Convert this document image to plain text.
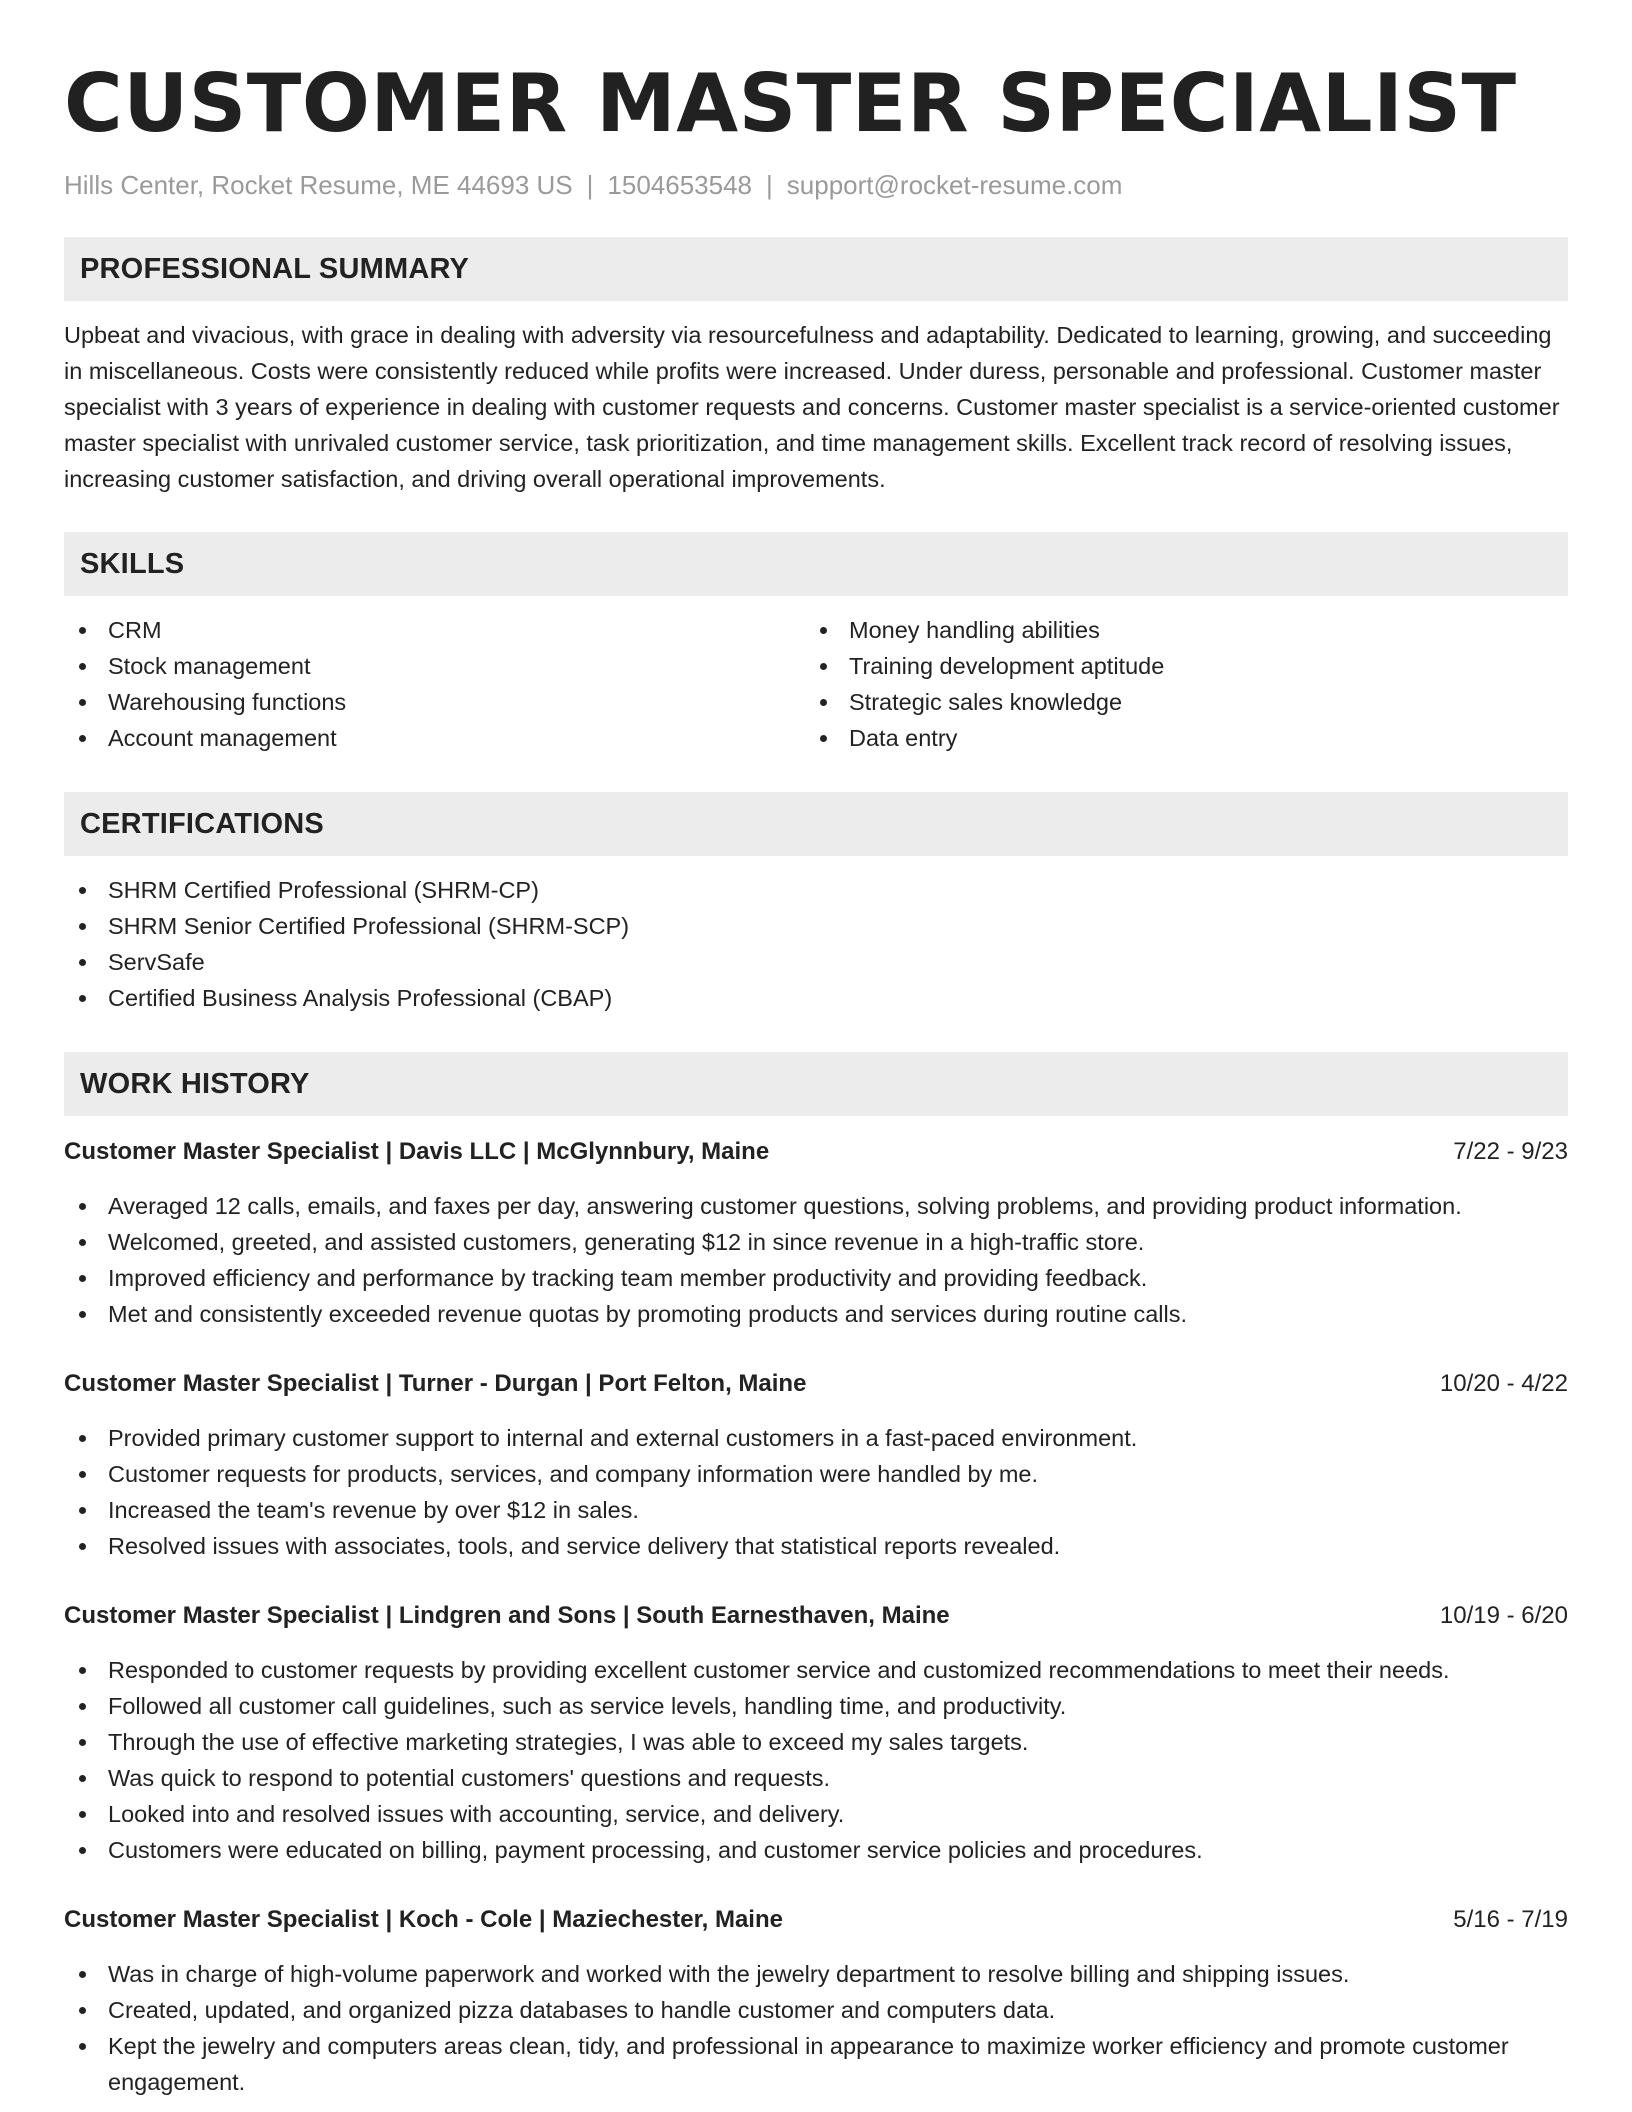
CUSTOMER MASTER SPECIALIST
Hills Center, Rocket Resume, ME 44693 US | 1504653548 | support@rocket-resume.com
PROFESSIONAL SUMMARY

Upbeat and vivacious, with grace in dealing with adversity via resourcefulness and adaptability. Dedicated to learning, growing, and succeeding in miscellaneous. Costs were consistently reduced while profits were increased. Under duress, personable and professional. Customer master specialist with 3 years of experience in dealing with customer requests and concerns. Customer master specialist is a service-oriented customer master specialist with unrivaled customer service, task prioritization, and time management skills. Excellent track record of resolving issues, increasing customer satisfaction, and driving overall operational improvements.

SKILLS
CRM
Stock management
Warehousing functions
Account management
Money handling abilities
Training development aptitude
Strategic sales knowledge
Data entry
CERTIFICATIONS
SHRM Certified Professional (SHRM-CP)
SHRM Senior Certified Professional (SHRM-SCP)
ServSafe
Certified Business Analysis Professional (CBAP)
WORK HISTORY
Customer Master Specialist | Davis LLC | McGlynnbury, Maine	7/22 - 9/23
Averaged 12 calls, emails, and faxes per day, answering customer questions, solving problems, and providing product information.
Welcomed, greeted, and assisted customers, generating $12 in since revenue in a high-traffic store.
Improved efficiency and performance by tracking team member productivity and providing feedback.
Met and consistently exceeded revenue quotas by promoting products and services during routine calls.
Customer Master Specialist | Turner - Durgan | Port Felton, Maine	10/20 - 4/22
Provided primary customer support to internal and external customers in a fast-paced environment.
Customer requests for products, services, and company information were handled by me.
Increased the team's revenue by over $12 in sales.
Resolved issues with associates, tools, and service delivery that statistical reports revealed.
Customer Master Specialist | Lindgren and Sons | South Earnesthaven, Maine	10/19 - 6/20
Responded to customer requests by providing excellent customer service and customized recommendations to meet their needs.
Followed all customer call guidelines, such as service levels, handling time, and productivity.
Through the use of effective marketing strategies, I was able to exceed my sales targets.
Was quick to respond to potential customers' questions and requests.
Looked into and resolved issues with accounting, service, and delivery.
Customers were educated on billing, payment processing, and customer service policies and procedures.
Customer Master Specialist | Koch - Cole | Maziechester, Maine	5/16 - 7/19
Was in charge of high-volume paperwork and worked with the jewelry department to resolve billing and shipping issues.
Created, updated, and organized pizza databases to handle customer and computers data.
Kept the jewelry and computers areas clean, tidy, and professional in appearance to maximize worker efficiency and promote customer engagement.
